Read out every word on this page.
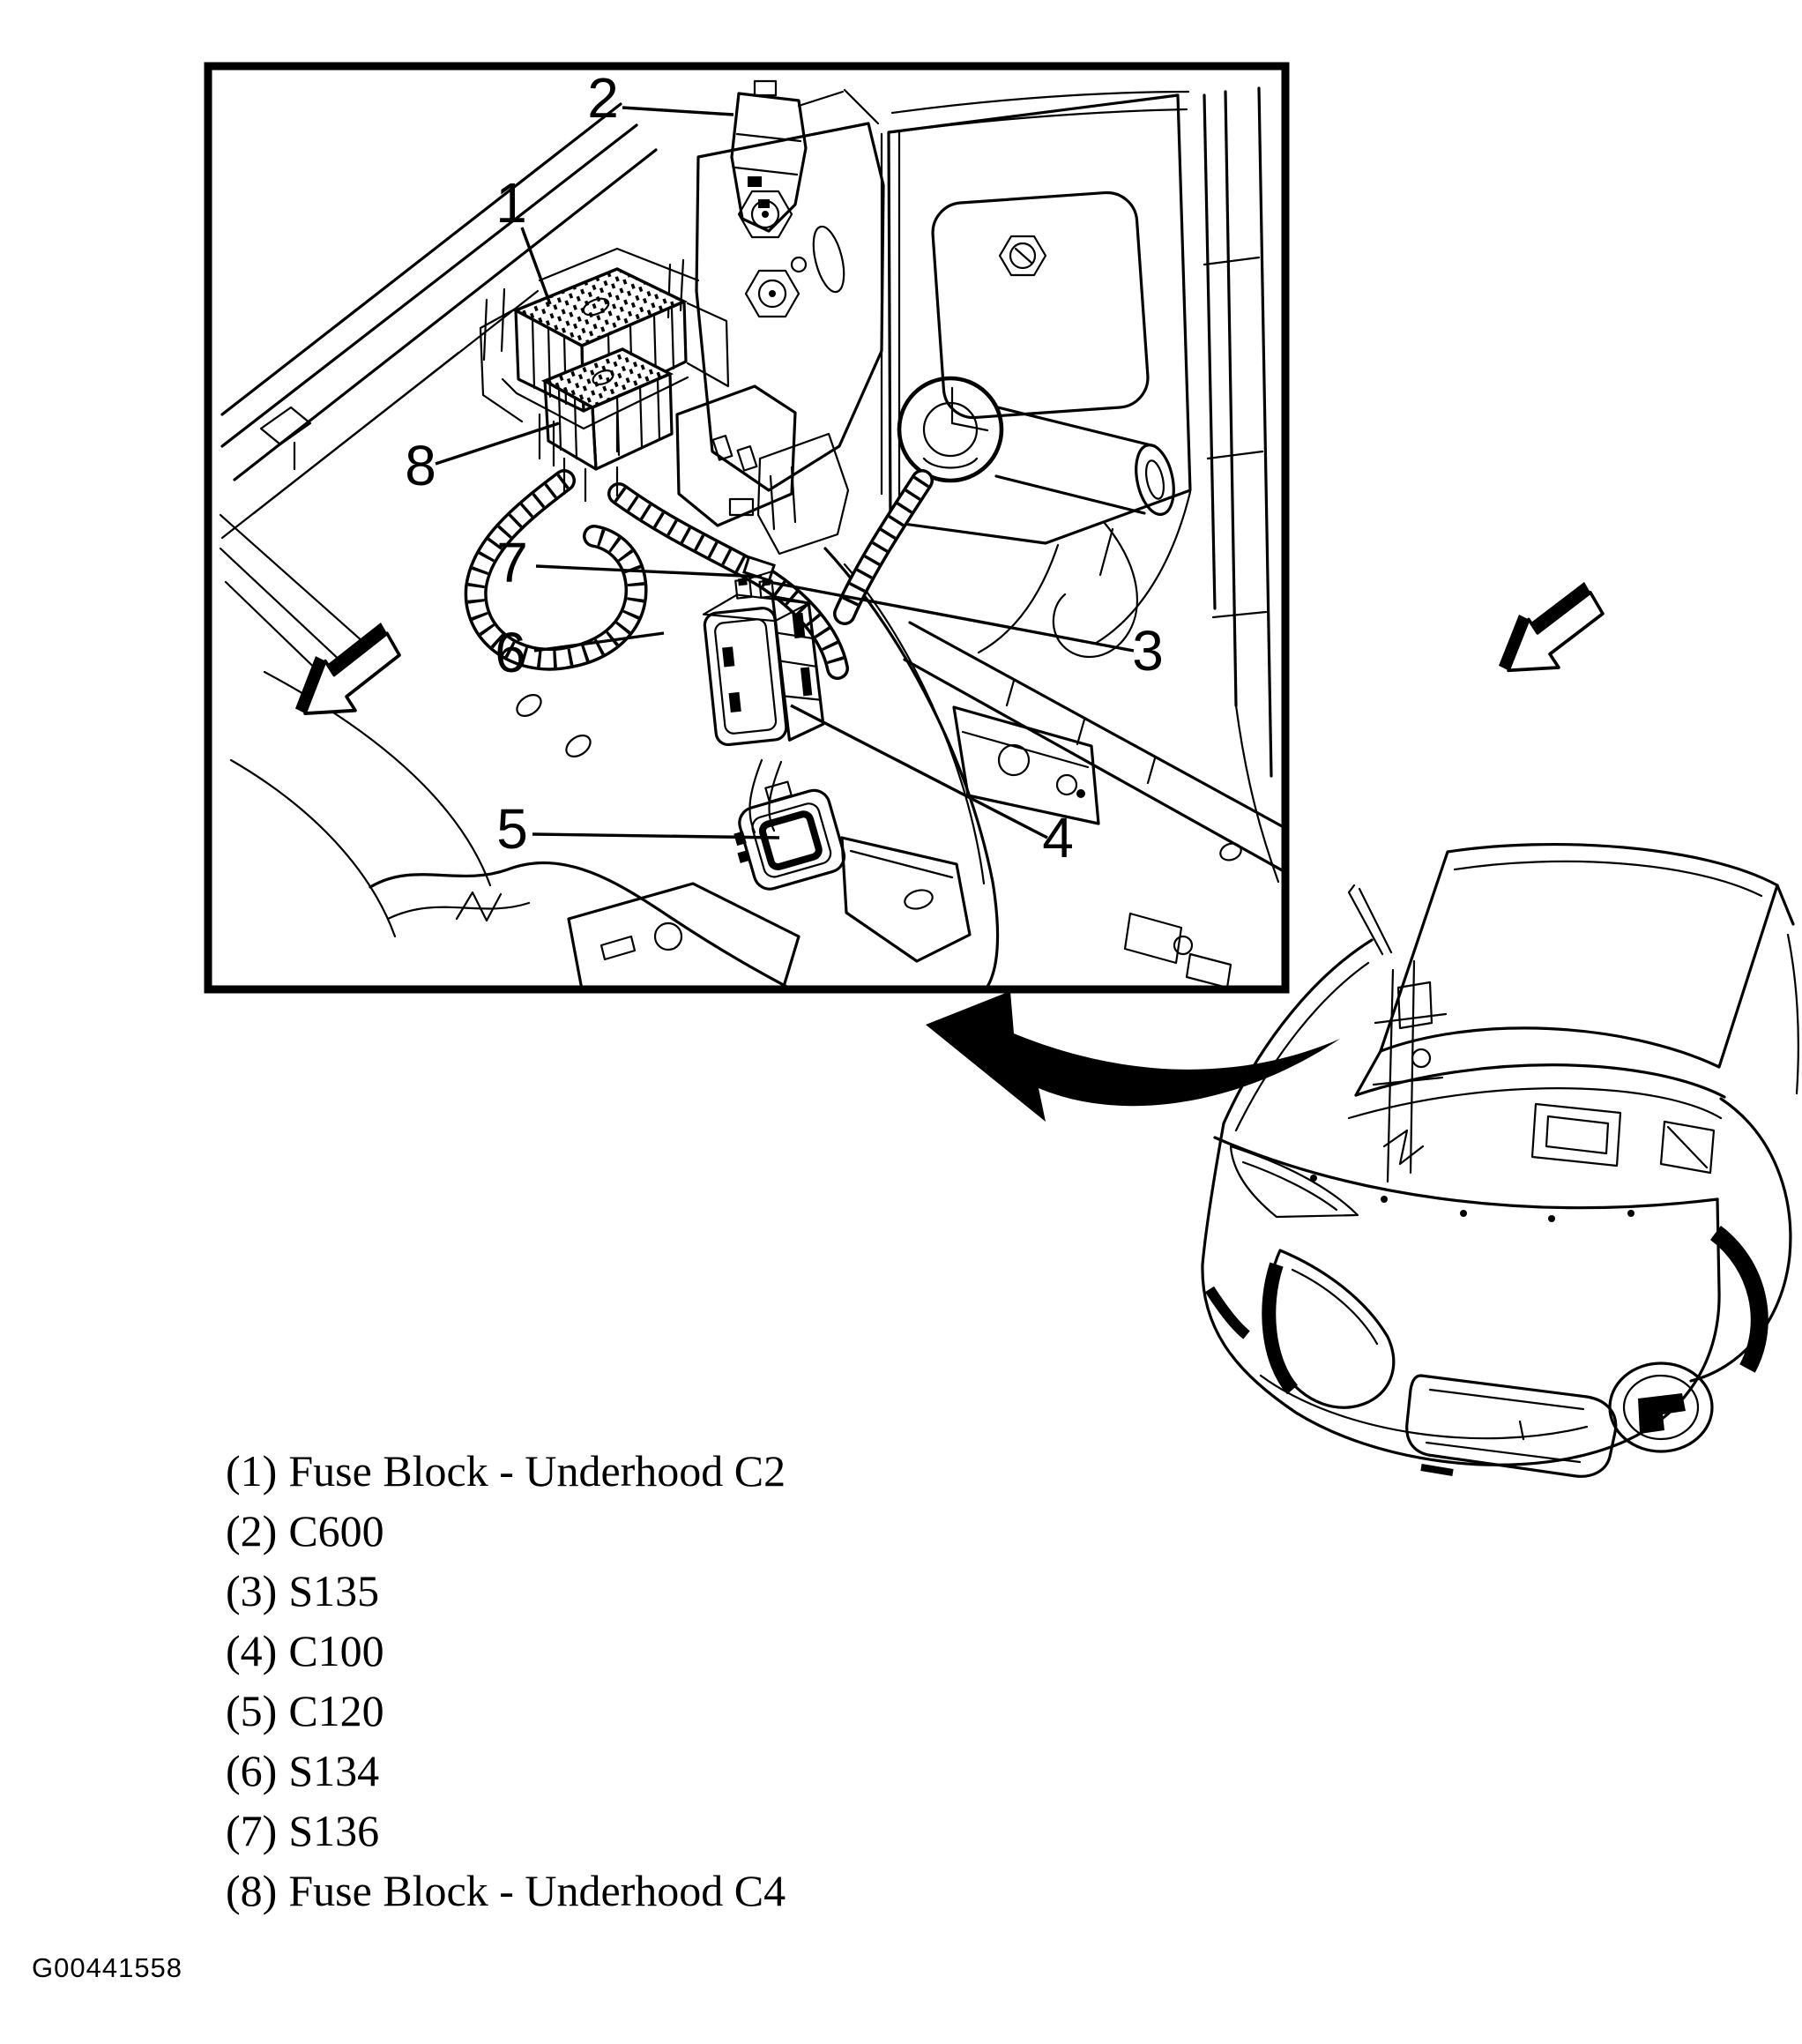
1
2
3
4
5
6
7
8
(1) Fuse Block - Underhood C2
(2) C600
(3) S135
(4) C100
(5) C120
(6) S134
(7) S136
(8) Fuse Block - Underhood C4
G00441558
